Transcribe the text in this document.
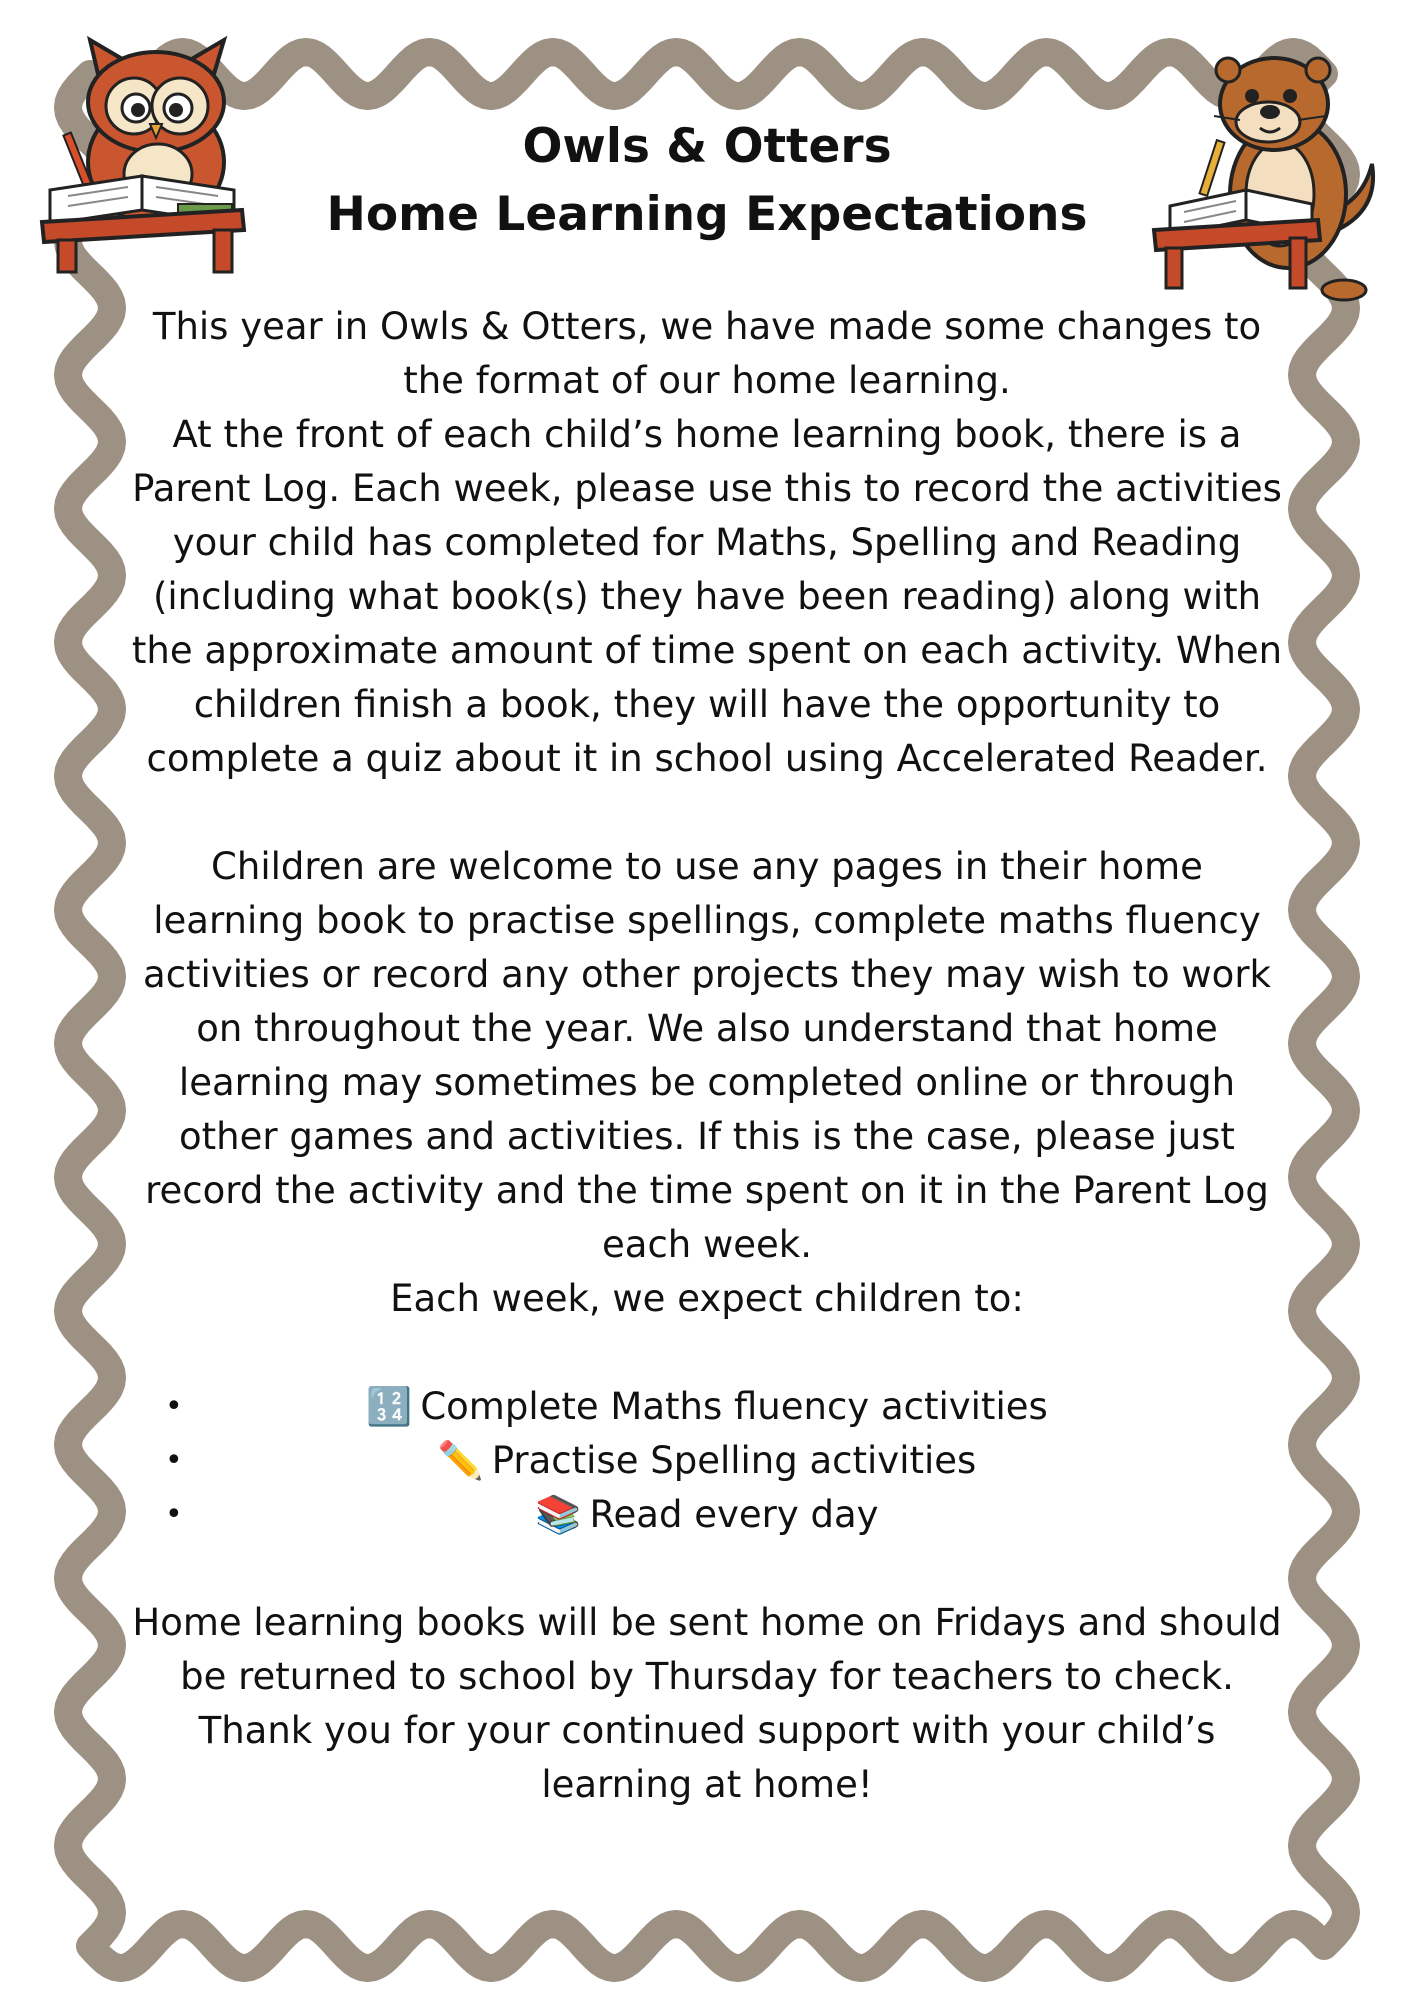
Owls & Otters
Home Learning Expectations

This year in Owls & Otters, we have made some changes to the format of our home learning.

At the front of each child’s home learning book, there is a Parent Log. Each week, please use this to record the activities your child has completed for Maths, Spelling and Reading (including what book(s) they have been reading) along with the approximate amount of time spent on each activity. When children finish a book, they will have the opportunity to complete a quiz about it in school using Accelerated Reader.

Children are welcome to use any pages in their home learning book to practise spellings, complete maths fluency activities or record any other projects they may wish to work on throughout the year. We also understand that home learning may sometimes be completed online or through other games and activities. If this is the case, please just record the activity and the time spent on it in the Parent Log each week.

Each week, we expect children to:

•	🔢 Complete Maths fluency activities
•	✏️ Practise Spelling activities
•	📚 Read every day

Home learning books will be sent home on Fridays and should be returned to school by Thursday for teachers to check.

Thank you for your continued support with your child’s learning at home!
